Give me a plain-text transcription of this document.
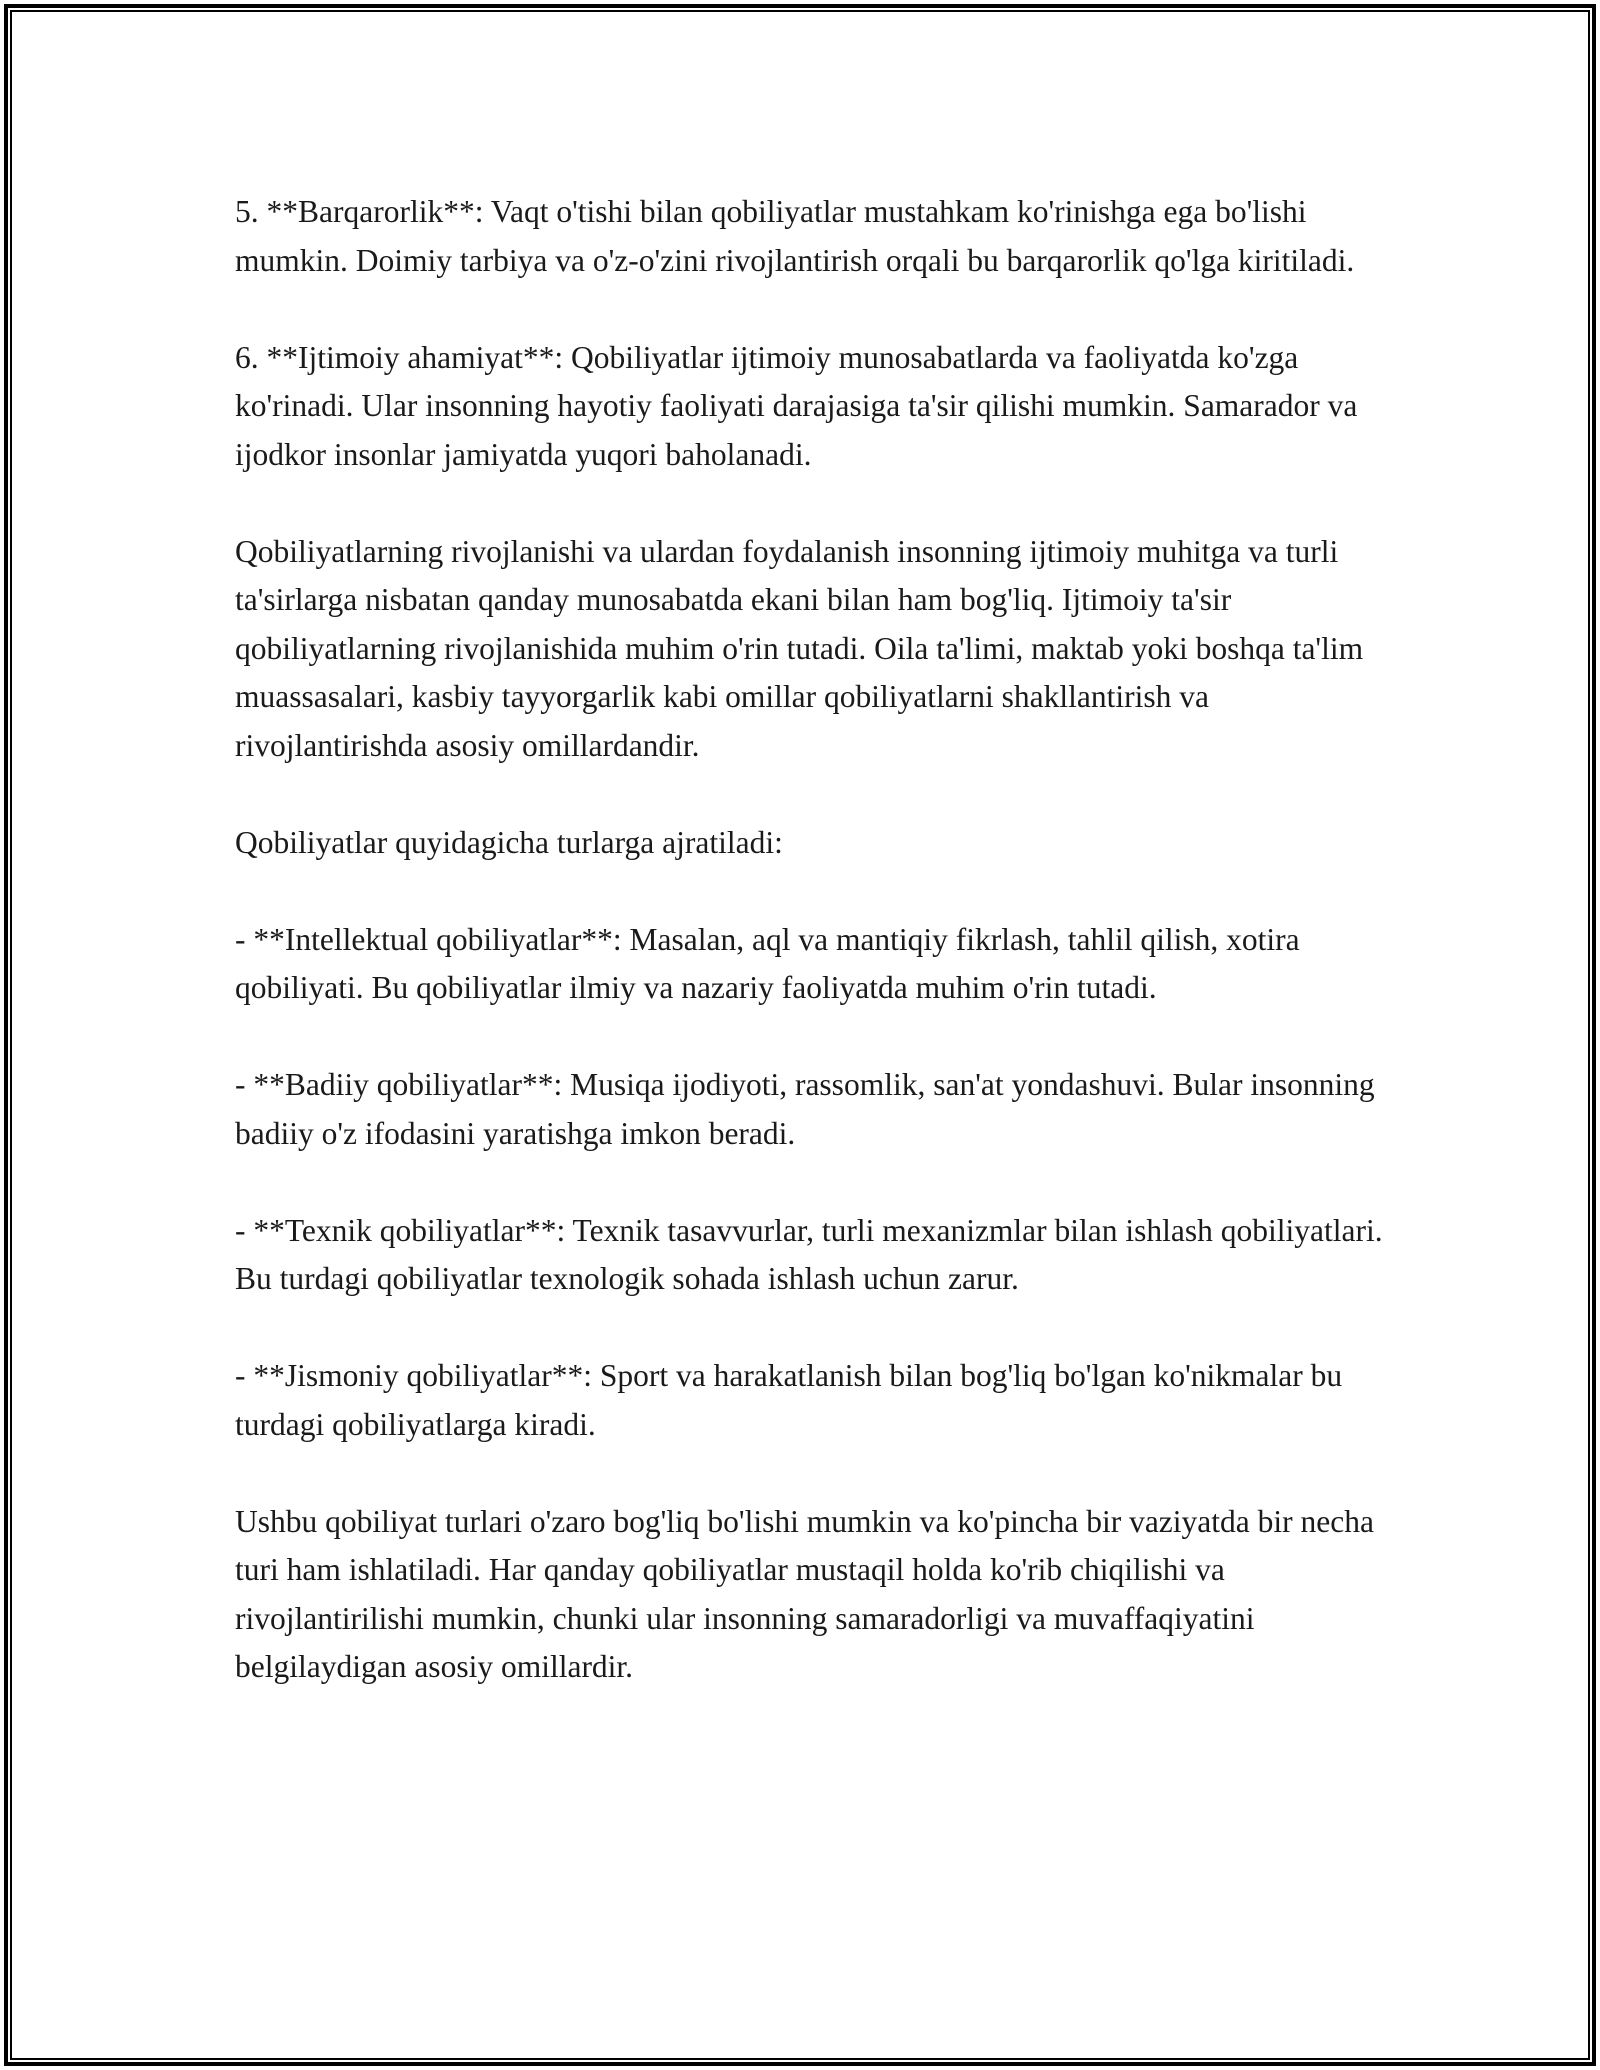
5. **Barqarorlik**: Vaqt o'tishi bilan qobiliyatlar mustahkam ko'rinishga ega bo'lishi mumkin. Doimiy tarbiya va o'z-o'zini rivojlantirish orqali bu barqarorlik qo'lga kiritiladi.

6. **Ijtimoiy ahamiyat**: Qobiliyatlar ijtimoiy munosabatlarda va faoliyatda ko'zga ko'rinadi. Ular insonning hayotiy faoliyati darajasiga ta'sir qilishi mumkin. Samarador va ijodkor insonlar jamiyatda yuqori baholanadi.

Qobiliyatlarning rivojlanishi va ulardan foydalanish insonning ijtimoiy muhitga va turli ta'sirlarga nisbatan qanday munosabatda ekani bilan ham bog'liq. Ijtimoiy ta'sir qobiliyatlarning rivojlanishida muhim o'rin tutadi. Oila ta'limi, maktab yoki boshqa ta'lim muassasalari, kasbiy tayyorgarlik kabi omillar qobiliyatlarni shakllantirish va rivojlantirishda asosiy omillardandir.

Qobiliyatlar quyidagicha turlarga ajratiladi:

- **Intellektual qobiliyatlar**: Masalan, aql va mantiqiy fikrlash, tahlil qilish, xotira qobiliyati. Bu qobiliyatlar ilmiy va nazariy faoliyatda muhim o'rin tutadi.

- **Badiiy qobiliyatlar**: Musiqa ijodiyoti, rassomlik, san'at yondashuvi. Bular insonning badiiy o'z ifodasini yaratishga imkon beradi.

- **Texnik qobiliyatlar**: Texnik tasavvurlar, turli mexanizmlar bilan ishlash qobiliyatlari. Bu turdagi qobiliyatlar texnologik sohada ishlash uchun zarur.

- **Jismoniy qobiliyatlar**: Sport va harakatlanish bilan bog'liq bo'lgan ko'nikmalar bu turdagi qobiliyatlarga kiradi.

Ushbu qobiliyat turlari o'zaro bog'liq bo'lishi mumkin va ko'pincha bir vaziyatda bir necha turi ham ishlatiladi. Har qanday qobiliyatlar mustaqil holda ko'rib chiqilishi va rivojlantirilishi mumkin, chunki ular insonning samaradorligi va muvaffaqiyatini belgilaydigan asosiy omillardir.
